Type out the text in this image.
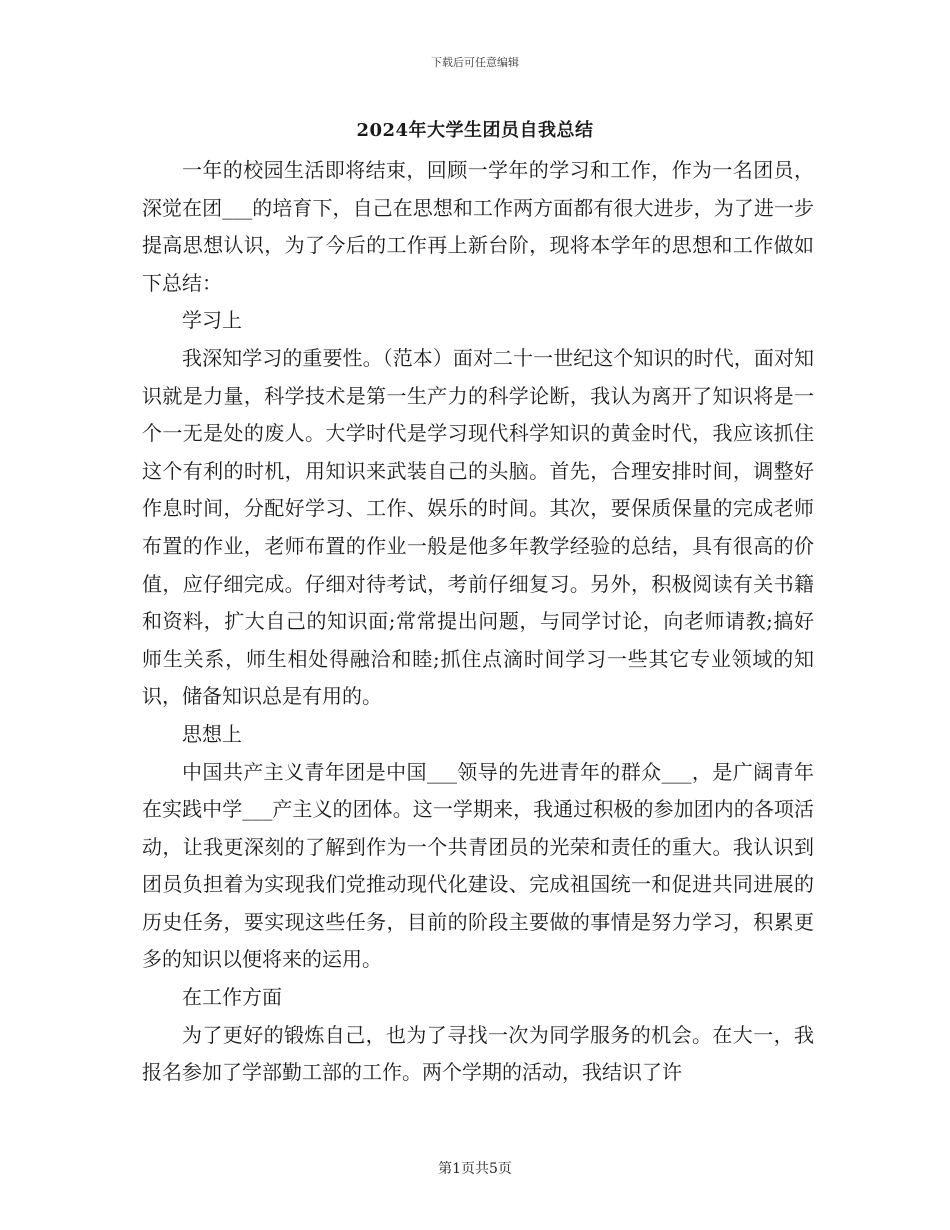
下载后可任意编辑
2024年大学生团员自我总结

一年的校园生活即将结束，回顾一学年的学习和工作，作为一名团员，深觉在团___的培育下，自己在思想和工作两方面都有很大进步，为了进一步提高思想认识，为了今后的工作再上新台阶，现将本学年的思想和工作做如下总结：

学习上

我深知学习的重要性。（范本）面对二十一世纪这个知识的时代，面对知识就是力量，科学技术是第一生产力的科学论断，我认为离开了知识将是一个一无是处的废人。大学时代是学习现代科学知识的黄金时代，我应该抓住这个有利的时机，用知识来武装自己的头脑。首先，合理安排时间，调整好作息时间，分配好学习、工作、娱乐的时间。其次，要保质保量的完成老师布置的作业，老师布置的作业一般是他多年教学经验的总结，具有很高的价值，应仔细完成。仔细对待考试，考前仔细复习。另外，积极阅读有关书籍和资料，扩大自己的知识面;常常提出问题，与同学讨论，向老师请教;搞好师生关系，师生相处得融洽和睦;抓住点滴时间学习一些其它专业领域的知识，储备知识总是有用的。

思想上

中国共产主义青年团是中国___领导的先进青年的群众___，是广阔青年在实践中学___产主义的团体。这一学期来，我通过积极的参加团内的各项活动，让我更深刻的了解到作为一个共青团员的光荣和责任的重大。我认识到团员负担着为实现我们党推动现代化建设、完成祖国统一和促进共同进展的历史任务，要实现这些任务，目前的阶段主要做的事情是努力学习，积累更多的知识以便将来的运用。

在工作方面

为了更好的锻炼自己，也为了寻找一次为同学服务的机会。在大一，我报名参加了学部勤工部的工作。两个学期的活动，我结识了许

第1页共5页
